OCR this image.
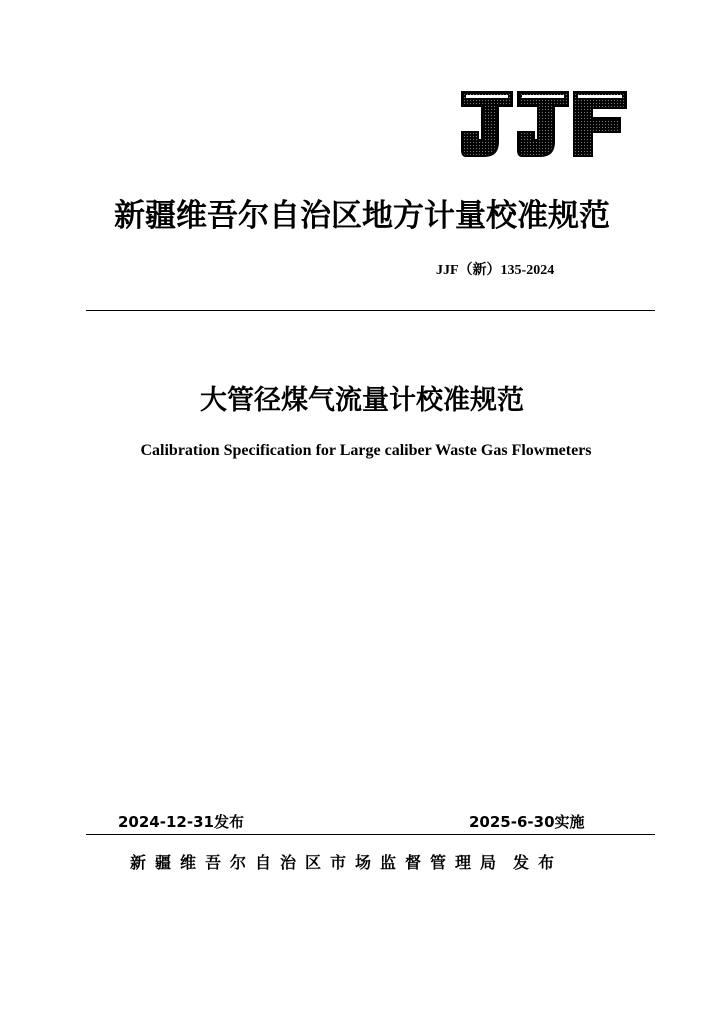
新疆维吾尔自治区地方计量校准规范
JJF（新）135-2024
大管径煤气流量计校准规范
Calibration Specification for Large caliber Waste Gas Flowmeters
2024-12-31发布	2025-6-30实施
新疆维吾尔自治区市场监督管理局 发布
